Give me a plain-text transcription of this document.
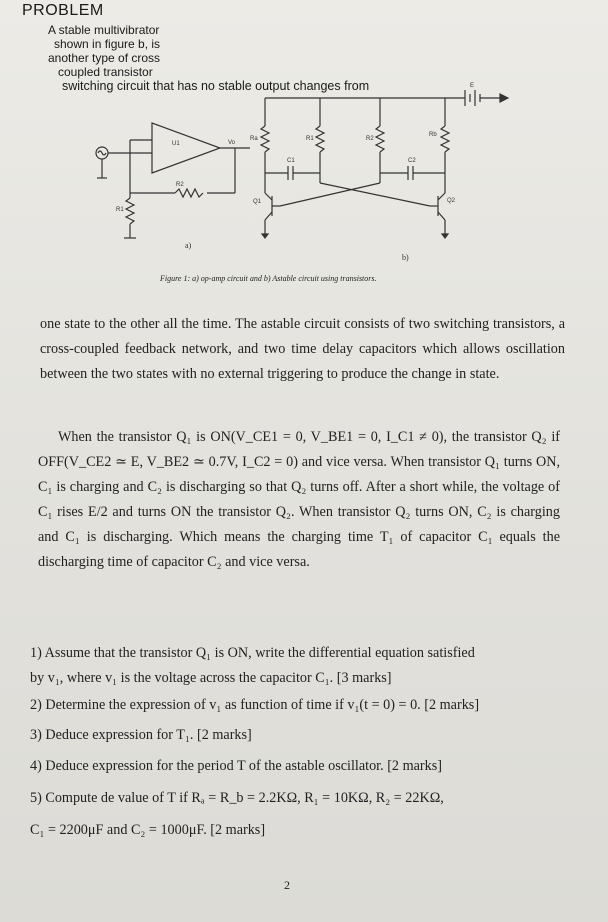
PROBLEM
A stable multivibrator
shown in figure b, is
another type of cross
coupled transistor
switching circuit that has no stable output changes from
U1
R2
R1
Vo
Ra	R1	R2
Rb
C1	C2
Q1	Q2
E
a)
b)
Figure 1: a) op-amp circuit and b) Astable circuit using transistors.
one state to the other all the time. The astable circuit consists of two switching transistors, a cross-coupled feedback network, and two time delay capacitors which allows oscillation between the two states with no external triggering to produce the change in state.
When the transistor Q₁ is ON(V_CE1 = 0, V_BE1 = 0, I_C1 ≠ 0), the transistor Q₂ if OFF(V_CE2 ≃ E, V_BE2 ≃ 0.7V, I_C2 = 0) and vice versa. When transistor Q₁ turns ON, C₁ is charging and C₂ is discharging so that Q₂ turns off. After a short while, the voltage of C₁ rises E/2 and turns ON the transistor Q₂. When transistor Q₂ turns ON, C₂ is charging and C₁ is discharging. Which means the charging time T₁ of capacitor C₁ equals the discharging time of capacitor C₂ and vice versa.
1) Assume that the transistor Q₁ is ON, write the differential equation satisfied
by v₁, where v₁ is the voltage across the capacitor C₁. [3 marks]
2) Determine the expression of v₁ as function of time if v₁(t = 0) = 0. [2 marks]
3) Deduce expression for T₁. [2 marks]
4) Deduce expression for the period T of the astable oscillator. [2 marks]
5) Compute de value of T if Rₐ = R_b = 2.2KΩ, R₁ = 10KΩ, R₂ = 22KΩ,
C₁ = 2200μF and C₂ = 1000μF. [2 marks]
2
